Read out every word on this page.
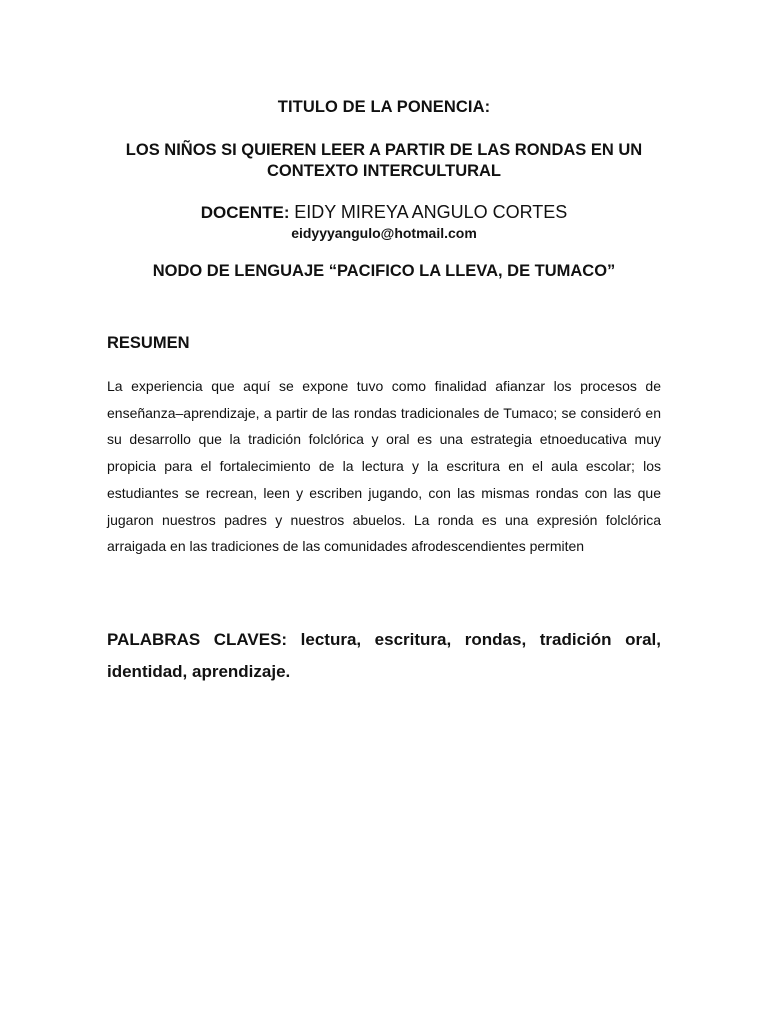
TITULO DE LA PONENCIA:
LOS NIÑOS SI QUIEREN LEER A PARTIR DE LAS RONDAS EN UN
CONTEXTO INTERCULTURAL
DOCENTE: EIDY MIREYA ANGULO CORTES
eidyyyangulo@hotmail.com
NODO DE LENGUAJE “PACIFICO LA LLEVA, DE TUMACO”
RESUMEN

La experiencia que aquí se expone tuvo como finalidad afianzar los procesos de enseñanza–aprendizaje, a partir de las rondas tradicionales de Tumaco; se consideró en su desarrollo que la tradición folclórica y oral es una estrategia etnoeducativa muy propicia para el fortalecimiento de la lectura y la escritura en el aula escolar; los estudiantes se recrean, leen y escriben jugando, con las mismas rondas con las que jugaron nuestros padres y nuestros abuelos. La ronda es una expresión folclórica arraigada en las tradiciones de las comunidades afrodescendientes permiten

PALABRAS CLAVES: lectura, escritura, rondas, tradición oral, identidad, aprendizaje.
